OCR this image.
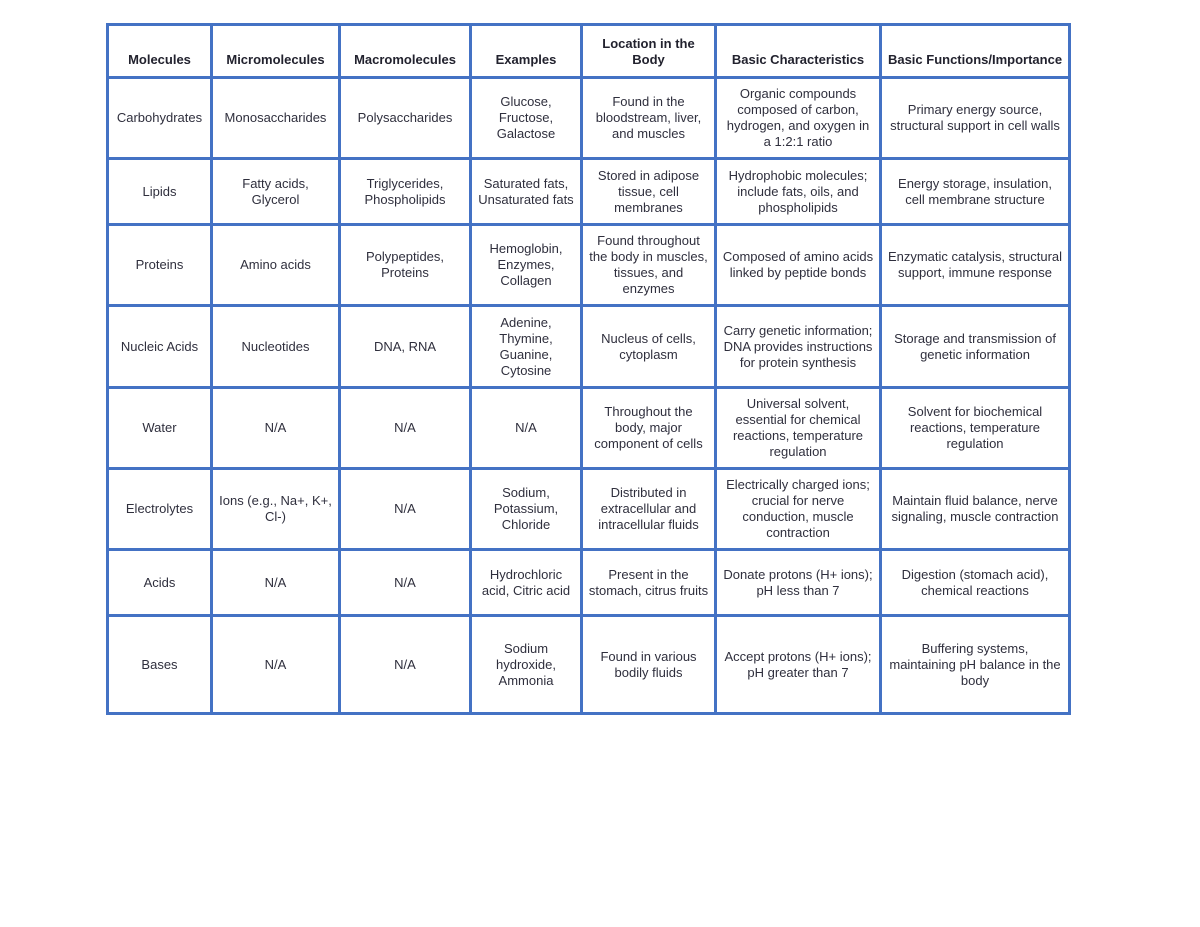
Molecules	Micromolecules	Macromolecules	Examples	Location in the Body	Basic Characteristics	Basic Functions/Importance
Carbohydrates	Monosaccharides	Polysaccharides	Glucose, Fructose, Galactose	Found in the bloodstream, liver, and muscles	Organic compounds composed of carbon, hydrogen, and oxygen in a 1:2:1 ratio	Primary energy source, structural support in cell walls
Lipids	Fatty acids, Glycerol	Triglycerides, Phospholipids	Saturated fats, Unsaturated fats	Stored in adipose tissue, cell membranes	Hydrophobic molecules; include fats, oils, and phospholipids	Energy storage, insulation, cell membrane structure
Proteins	Amino acids	Polypeptides, Proteins	Hemoglobin, Enzymes, Collagen	Found throughout the body in muscles, tissues, and enzymes	Composed of amino acids linked by peptide bonds	Enzymatic catalysis, structural support, immune response
Nucleic Acids	Nucleotides	DNA, RNA	Adenine, Thymine, Guanine, Cytosine	Nucleus of cells, cytoplasm	Carry genetic information; DNA provides instructions for protein synthesis	Storage and transmission of genetic information
Water	N/A	N/A	N/A	Throughout the body, major component of cells	Universal solvent, essential for chemical reactions, temperature regulation	Solvent for biochemical reactions, temperature regulation
Electrolytes	Ions (e.g., Na+, K+, Cl-)	N/A	Sodium, Potassium, Chloride	Distributed in extracellular and intracellular fluids	Electrically charged ions; crucial for nerve conduction, muscle contraction	Maintain fluid balance, nerve signaling, muscle contraction
Acids	N/A	N/A	Hydrochloric acid, Citric acid	Present in the stomach, citrus fruits	Donate protons (H+ ions); pH less than 7	Digestion (stomach acid), chemical reactions
Bases	N/A	N/A	Sodium hydroxide, Ammonia	Found in various bodily fluids	Accept protons (H+ ions); pH greater than 7	Buffering systems, maintaining pH balance in the body
